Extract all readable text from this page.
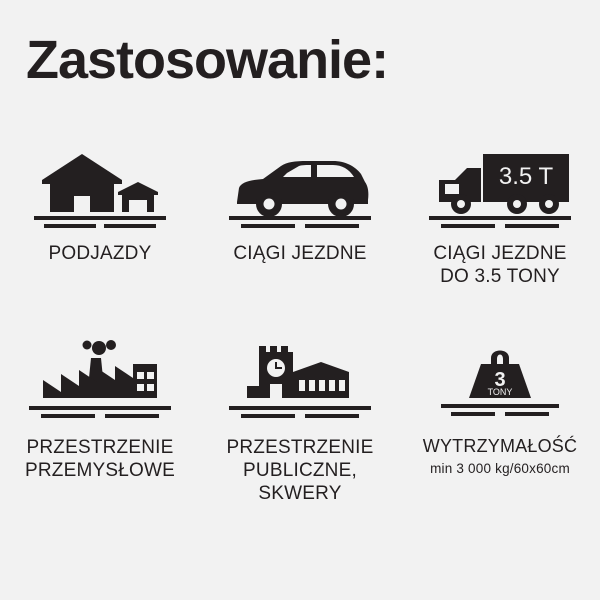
Zastosowanie:
PODJAZDY	CIĄGI JEZDNE
3.5 T
CIĄGI JEZDNE
DO 3.5 TONY
PRZESTRZENIE
PRZEMYSŁOWE
PRZESTRZENIE
PUBLICZNE,
SKWERY
3
TONY
WYTRZYMAŁOŚĆ
min 3 000 kg/60x60cm
